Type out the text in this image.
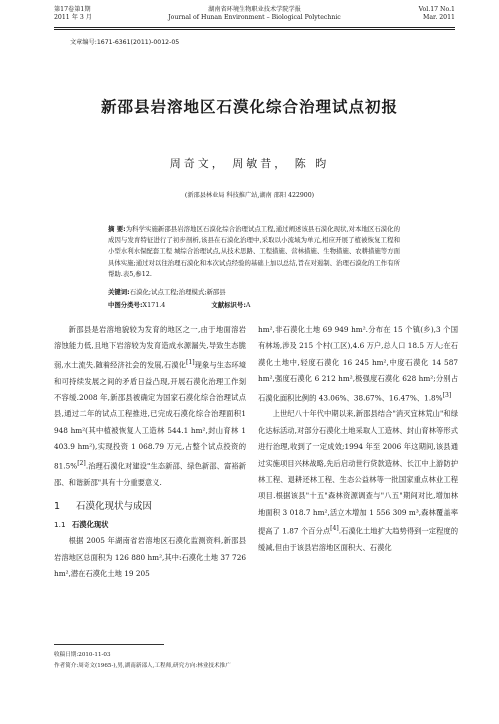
第17卷第1期
2011 年 3 月
湖南省环境生物职业技术学院学报
Journal of Hunan Environment – Biological Polytechnic
Vol.17 No.1
Mar. 2011
文章编号:1671-6361(2011)-0012-05
新邵县岩溶地区石漠化综合治理试点初报
周奇文， 周敏昔， 陈 昀
(新邵县林业局 科技推广站,湖南 邵阳 422900)
摘 要:为科学实施新邵县岩溶地区石漠化综合治理试点工程,通过阐述该县石漠化现状,对本地区石漠化的成因与发育特征进行了初步剖析,该县在石漠化治理中,采取以小流域为单元,相应开展了植被恢复工程和小型水利水保配套工程 城综合治理试点,从技术思路、工程措施、营林措施、生物措施、农耕措施等方面具体实施;通过对以往治理石漠化和本次试点经验的基础上加以总结,旨在对遏制、治理石漠化的工作有所帮助.表5,参12.
关键词:石漠化;试点工程;治理模式;新邵县
中图分类号:X171.4	文献标识号:A

新邵县是岩溶地貌较为发育的地区之一,由于地面溶岩溶蚀能力低,且地下岩溶较为发育造成水源漏失,导致生态脆弱,水土流失.随着经济社会的发展,石漠化[1]现象与生态环境和可持续发展之间的矛盾日益凸现,开展石漠化治理工作刻不容缓.2008 年,新邵县被确定为国家石漠化综合治理试点县,通过二年的试点工程推进,已完成石漠化综合治理面积1 948 hm²(其中植被恢复人工造林 544.1 hm²,封山育林 1 403.9 hm²),实现投资 1 068.79 万元,占整个试点投资的 81.5%[2].治理石漠化对建设"生态新邵、绿色新邵、富裕新邵、和谐新邵"具有十分重要意义.

1 石漠化现状与成因
1.1 石漠化现状

根据 2005 年湖南省岩溶地区石漠化监测资料,新邵县岩溶地区总面积为 126 880 hm²,其中:石漠化土地 37 726 hm²,潜在石漠化土地 19 205

hm²,非石漠化土地 69 949 hm².分布在 15 个镇(乡),3 个国有林场,涉及 215 个村(工区),4.6 万户,总人口 18.5 万人;在石漠化土地中,轻度石漠化 16 245 hm²,中度石漠化 14 587 hm²,强度石漠化 6 212 hm²,极强度石漠化 628 hm²;分别占石漠化面积比例的 43.06%、38.67%、16.47%、1.8%[3]

上世纪八十年代中期以来,新邵县结合"消灭宜林荒山"和绿化达标活动,对部分石漠化土地采取人工造林、封山育林等形式进行治理,收到了一定成效;1994 年至 2006 年这期间,该县通过实施项目兴林战略,先后启动世行贷款造林、长江中上游防护林工程、退耕还林工程、生态公益林等一批国家重点林业工程项目.根据该县"十五"森林资源调查与"八五"期间对比,增加林地面积 3 018.7 hm²,活立木增加 1 556 309 m³,森林覆盖率提高了 1.87 个百分点[4].石漠化土地扩大趋势得到一定程度的缓减,但由于该县岩溶地区面积大、石漠化

收稿日期:2010-11-03
作者简介:周奇文(1965-),男,湖南新邵人,工程师,研究方向:林业技术推广
